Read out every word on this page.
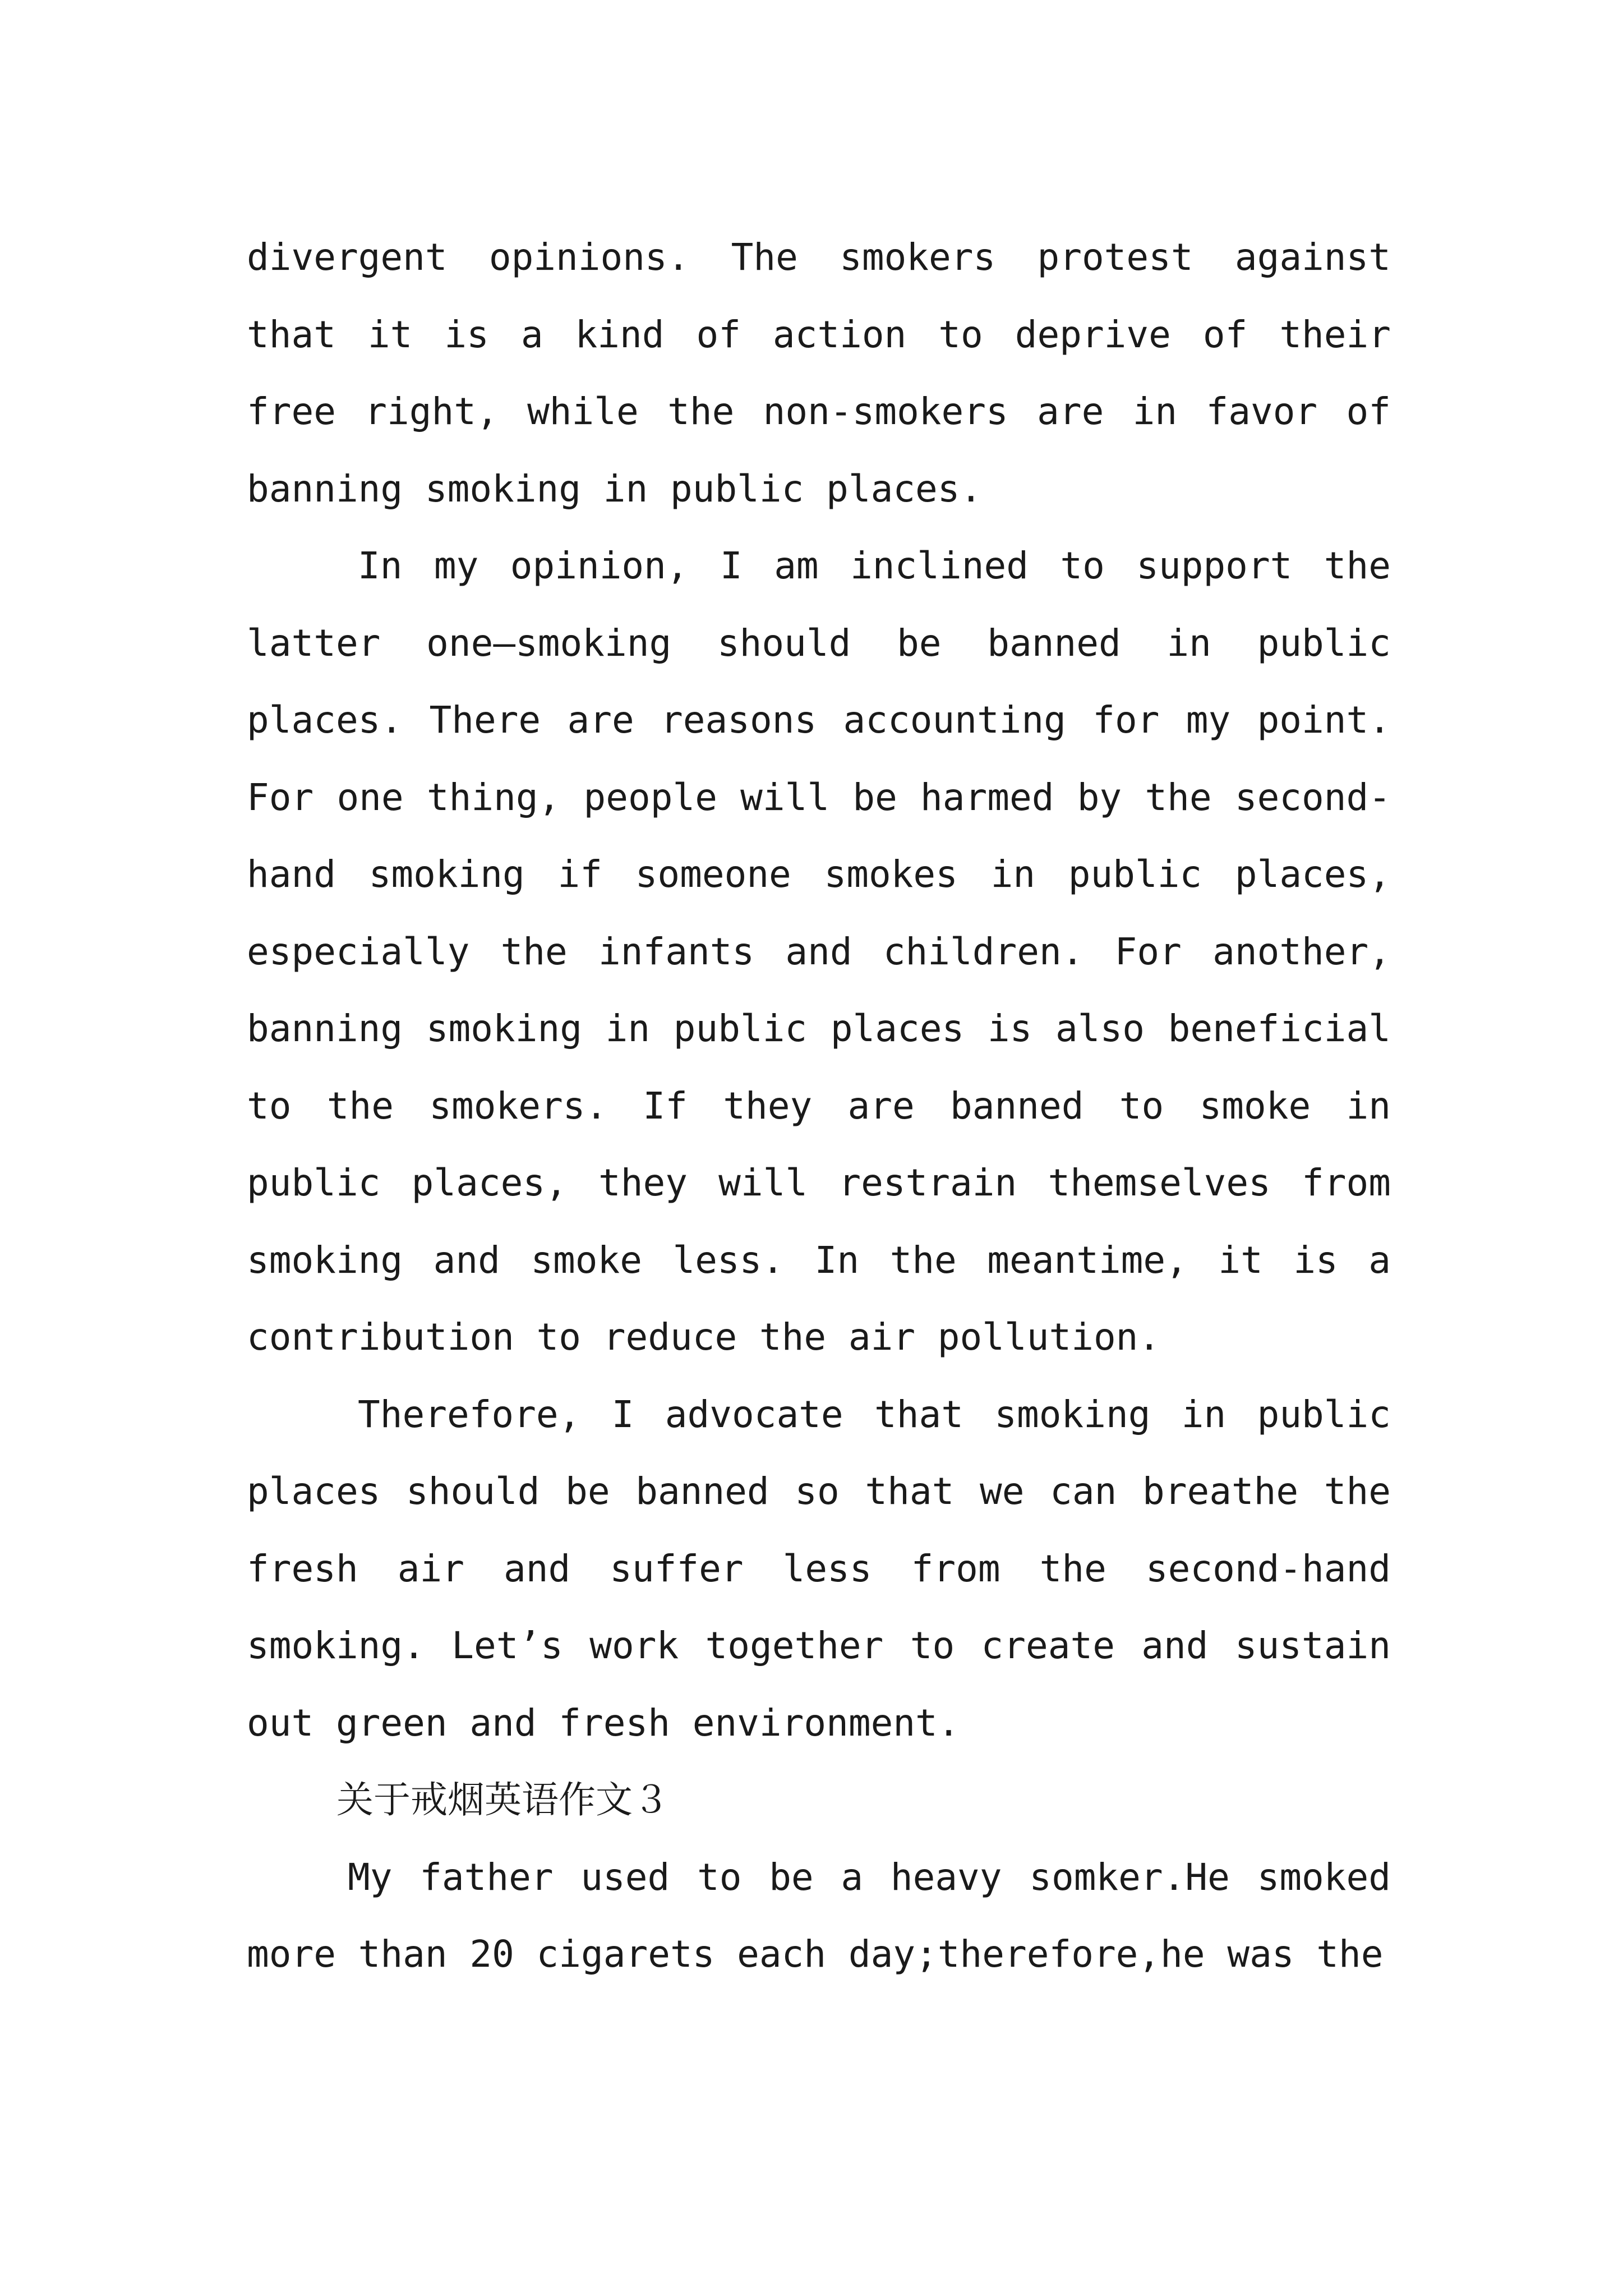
divergent opinions. The smokers protest against that it is a kind of action to deprive of their free right, while the non-smokers are in favor of banning smoking in public places.

In my opinion, I am inclined to support the latter one—smoking should be banned in public places. There are reasons accounting for my point. For one thing, people will be harmed by the second-hand smoking if someone smokes in public places, especially the infants and children. For another, banning smoking in public places is also beneficial to the smokers. If they are banned to smoke in public places, they will restrain themselves from smoking and smoke less. In the meantime, it is a contribution to reduce the air pollution.

Therefore, I advocate that smoking in public places should be banned so that we can breathe the fresh air and suffer less from the second-hand smoking. Let’s work together to create and sustain out green and fresh environment.

关于戒烟英语作文３

My father used to be a heavy somker.He smoked more than 20 cigarets each day;therefore,he was the
